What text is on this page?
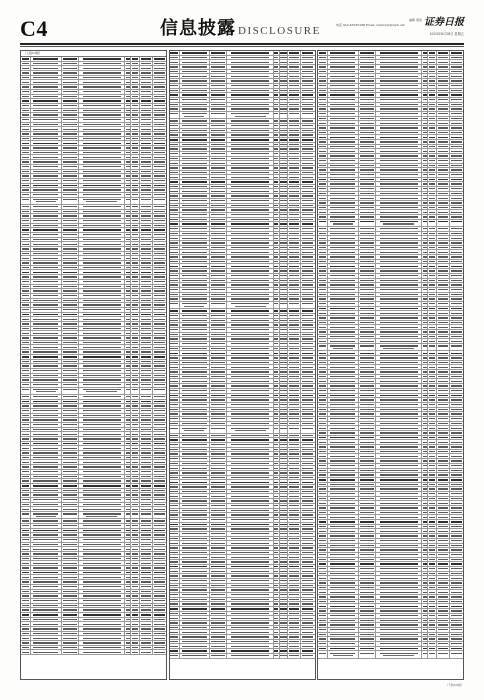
C4	信息披露 DISCLOSURE
编辑 周扬
电话 010-63070188 Email: zqrbxxpl@zqrb.net	证券日报
2024年6月28日 星期五
（上接C3版）
（下转C5版）
